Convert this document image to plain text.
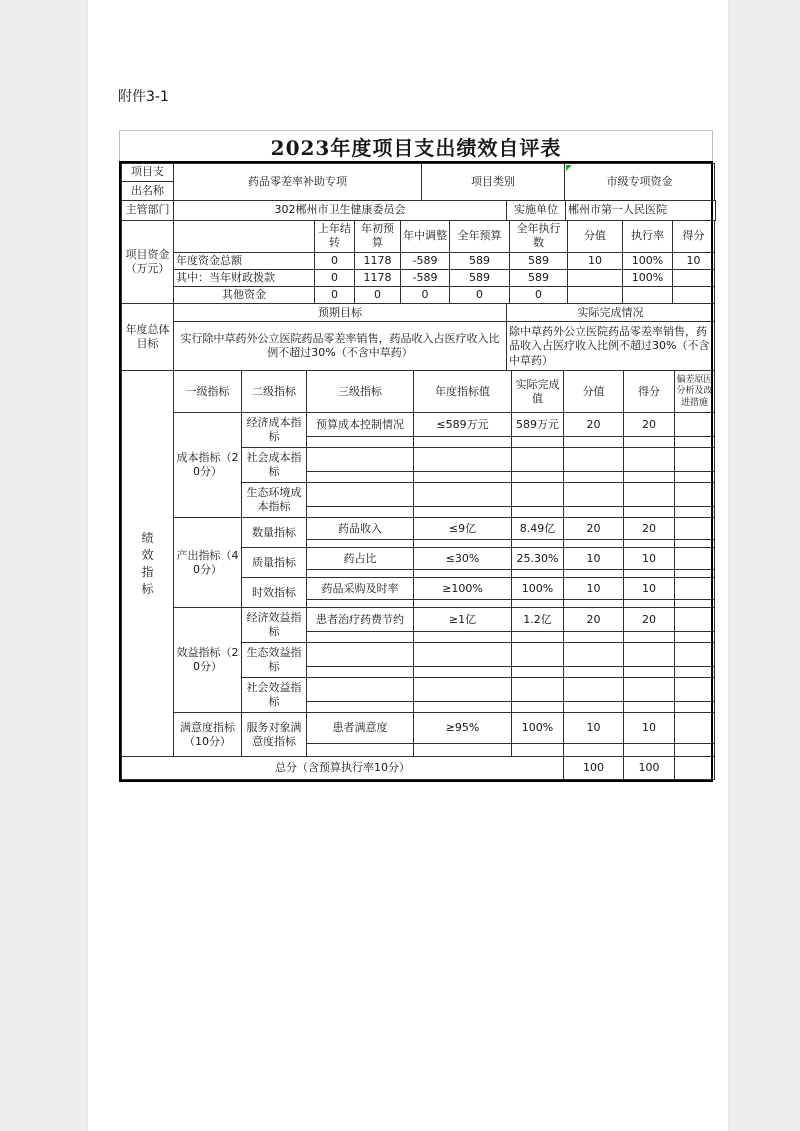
附件3-1
2023年度项目支出绩效自评表
项目支	药品零差率补助专项	项目类别	市级专项资金
出名称
主管部门	302郴州市卫生健康委员会	实施单位	郴州市第一人民医院
项目资金（万元）		上年结转	年初预算	年中调整	全年预算	全年执行数	分值	执行率	得分
	年度资金总额	0	1178	-589	589	589	10	100%	10
	其中：当年财政拨款	0	1178	-589	589	589		100%	
	其他资金	0	0	0	0	0			
年度总体目标	预期目标	实际完成情况
	实行除中草药外公立医院药品零差率销售，药品收入占医疗收入比例不超过30%（不含中草药）	除中草药外公立医院药品零差率销售，药品收入占医疗收入比例不超过30%（不含中草药）
绩效指标	一级指标	二级指标	三级指标	年度指标值	实际完成值	分值	得分	偏差原因分析及改进措施
	成本指标（20分）	经济成本指标	预算成本控制情况	≤589万元	589万元	20	20	

		社会成本指标						

		生态环境成本指标						

	产出指标（40分）	数量指标	药品收入	≤9亿	8.49亿	20	20	

		质量指标	药占比	≤30%	25.30%	10	10	

		时效指标	药品采购及时率	≥100%	100%	10	10	

	效益指标（20分）	经济效益指标	患者治疗药费节约	≥1亿	1.2亿	20	20	

		生态效益指标						

		社会效益指标						

	满意度指标（10分）	服务对象满意度指标	患者满意度	≥95%	100%	10	10	

总分（含预算执行率10分）	100	100	
